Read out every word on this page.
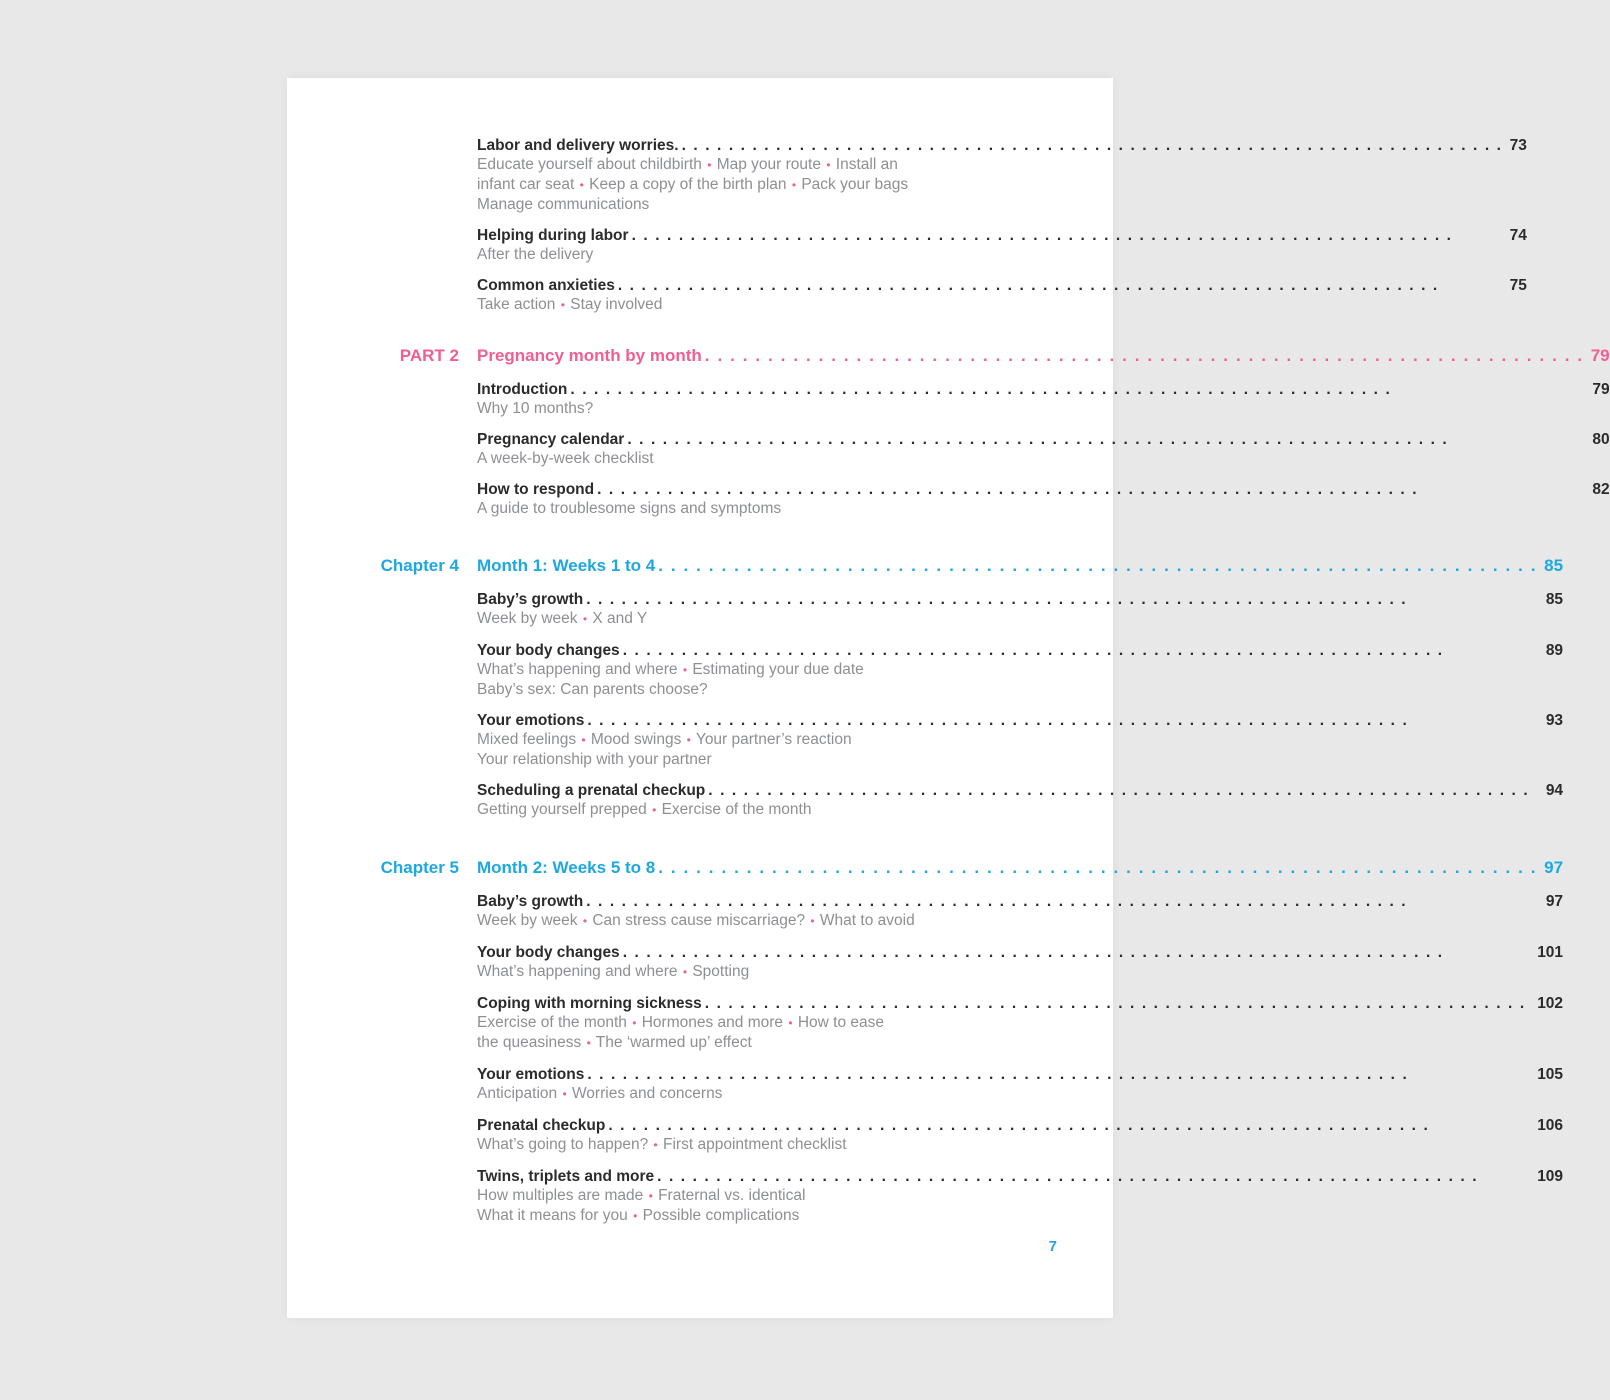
Labor and delivery worries. . . .	73
Educate yourself about childbirth • Map your route • Install an
infant car seat • Keep a copy of the birth plan • Pack your bags
Manage communications
Helping during labor . . .	74
After the delivery
Common anxieties . . .	75
Take action • Stay involved
PART 2 Pregnancy month by month . . .	79
Introduction . . .	79
Why 10 months?
Pregnancy calendar . . .	80
A week-by-week checklist
How to respond . . .	82
A guide to troublesome signs and symptoms
Chapter 4 Month 1: Weeks 1 to 4 . . .	85
Baby’s growth . . .	85
Week by week • X and Y
Your body changes . . .	89
What’s happening and where • Estimating your due date
Baby’s sex: Can parents choose?
Your emotions . . .	93
Mixed feelings • Mood swings • Your partner’s reaction
Your relationship with your partner
Scheduling a prenatal checkup . . .	94
Getting yourself prepped • Exercise of the month
Chapter 5 Month 2: Weeks 5 to 8 . . .	97
Baby’s growth . . .	97
Week by week • Can stress cause miscarriage? • What to avoid
Your body changes . . .	101
What’s happening and where • Spotting
Coping with morning sickness . . .	102
Exercise of the month • Hormones and more • How to ease
the queasiness • The ‘warmed up’ effect
Your emotions . . .	105
Anticipation • Worries and concerns
Prenatal checkup . . .	106
What’s going to happen? • First appointment checklist
Twins, triplets and more . . .	109
How multiples are made • Fraternal vs. identical
What it means for you • Possible complications
7
